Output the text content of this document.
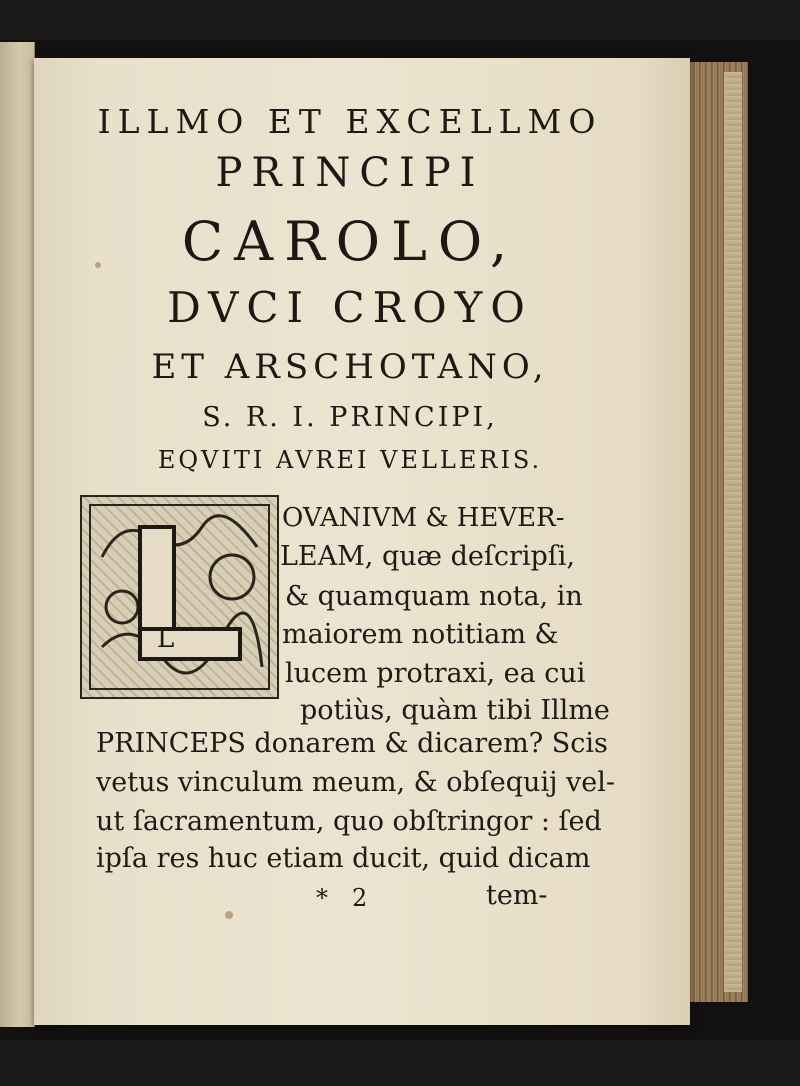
ILLMO ET EXCELLMO
PRINCIPI
CAROLO,
DVCI CROYO
ET ARSCHOTANO,
S. R. I. PRINCIPI,
EQVITI AVREI VELLERIS.
L
OVANIVM & HEVER-
LEAM, quæ deſcripſi,
& quamquam nota, in
maiorem notitiam &
lucem protraxi, ea cui
potiùs, quàm tibi Illme
PRINCEPS donarem & dicarem? Scis
vetus vinculum meum, & obſequij vel-
ut ſacramentum, quo obſtringor : ſed
ipſa res huc etiam ducit, quid dicam
* 2	tem-
